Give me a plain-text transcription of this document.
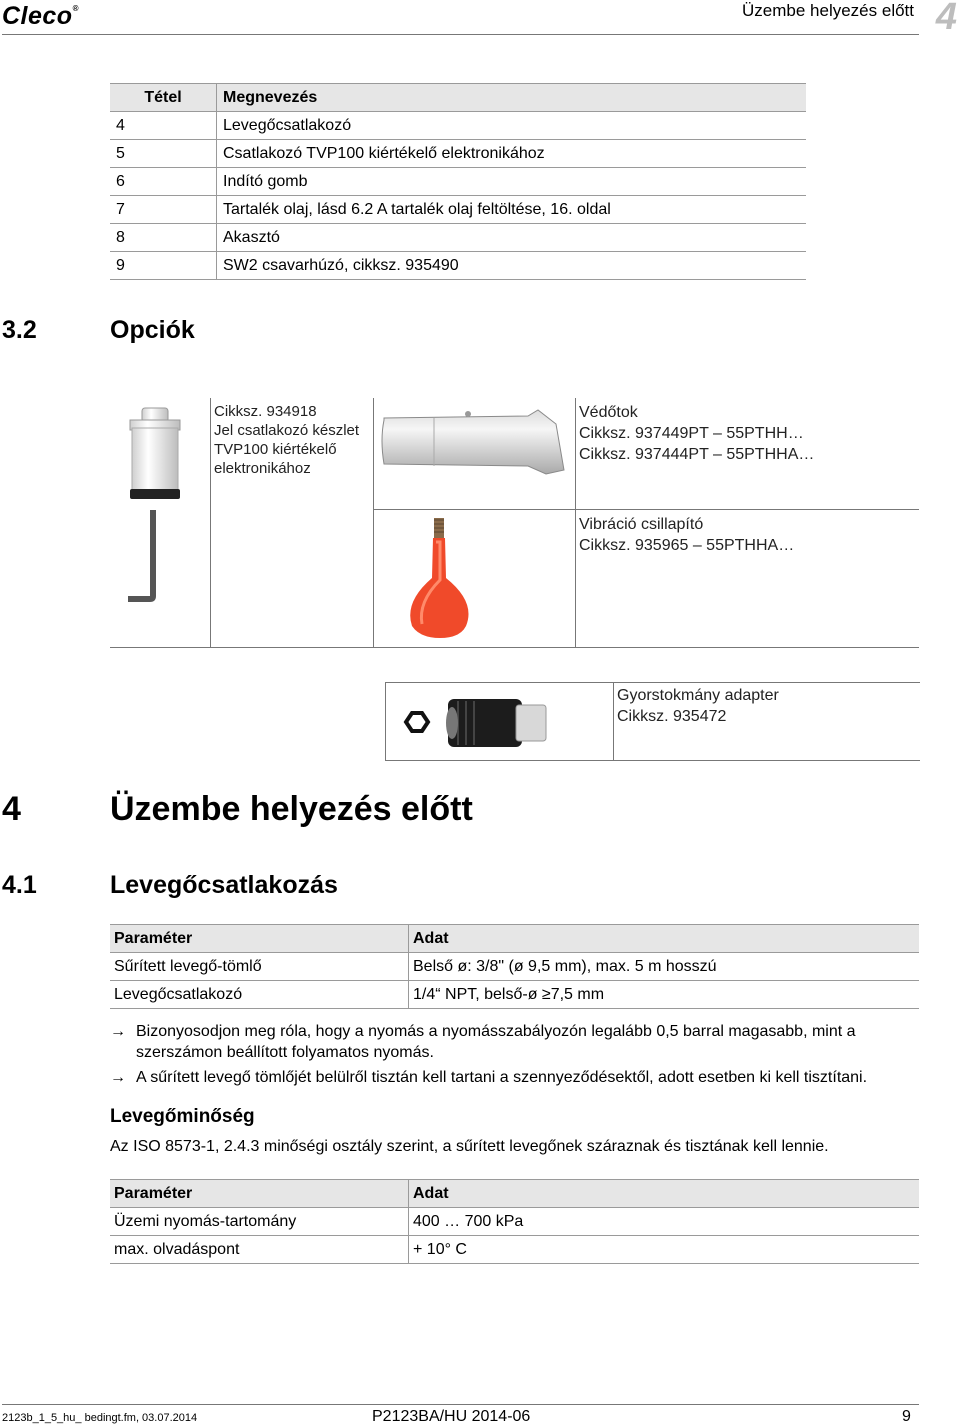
Cleco®	Üzembe helyezés előtt 4
Tétel	Megnevezés
4	Levegőcsatlakozó
5	Csatlakozó TVP100 kiértékelő elektronikához
6	Indító gomb
7	Tartalék olaj, lásd 6.2 A tartalék olaj feltöltése, 16. oldal
8	Akasztó
9	SW2 csavarhúzó, cikksz. 935490
3.2	Opciók
Cikksz. 934918
Jel csatlakozó készlet
TVP100 kiértékelő
elektronikához
Védőtok
Cikksz. 937449PT – 55PTHH…
Cikksz. 937444PT – 55PTHHA…
Vibráció csillapító
Cikksz. 935965 – 55PTHHA…
Gyorstokmány adapter
Cikksz. 935472
4	Üzembe helyezés előtt
4.1	Levegőcsatlakozás
Paraméter	Adat
Sűrített levegő-tömlő	Belső ø: 3/8" (ø 9,5 mm), max. 5 m hosszú
Levegőcsatlakozó	1/4“ NPT, belső-ø ≥7,5 mm
→ Bizonyosodjon meg róla, hogy a nyomás a nyomásszabályozón legalább 0,5 barral magasabb, mint a
szerszámon beállított folyamatos nyomás.
→ A sűrített levegő tömlőjét belülről tisztán kell tartani a szennyeződésektől, adott esetben ki kell tisztítani.
Levegőminőség
Az ISO 8573-1, 2.4.3 minőségi osztály szerint, a sűrített levegőnek száraznak és tisztának kell lennie.
Paraméter	Adat
Üzemi nyomás-tartomány	400 … 700 kPa
max. olvadáspont	+ 10° C
2123b_1_5_hu_ bedingt.fm, 03.07.2014	P2123BA/HU 2014-06	9
